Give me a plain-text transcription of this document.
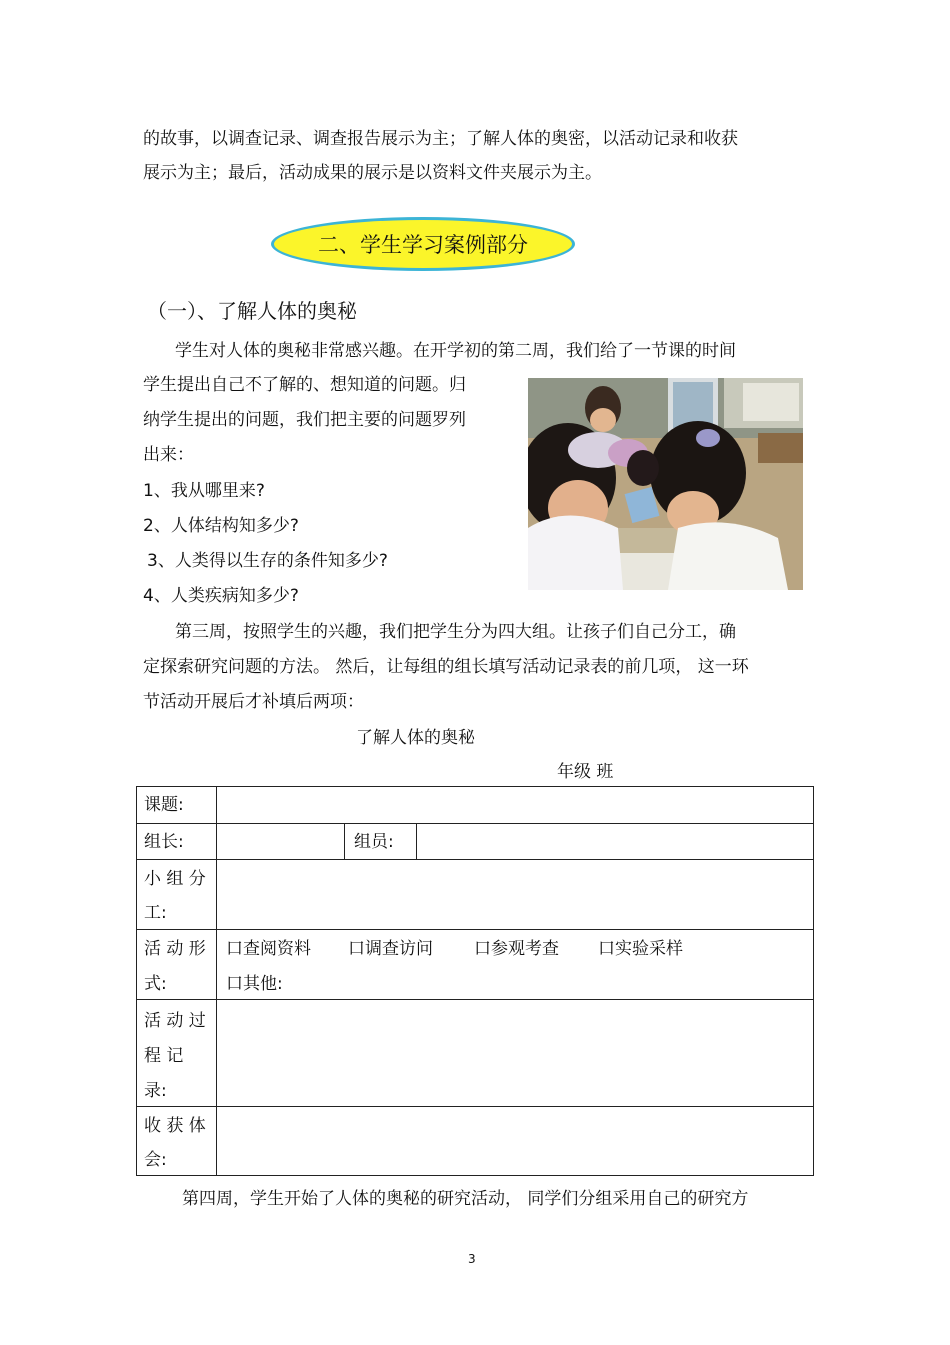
的故事，以调查记录、调查报告展示为主；了解人体的奥密，以活动记录和收获
展示为主；最后，活动成果的展示是以资料文件夹展示为主。
二、学生学习案例部分
（一）、了解人体的奥秘
学生对人体的奥秘非常感兴趣。在开学初的第二周，我们给了一节课的时间
学生提出自己不了解的、想知道的问题。归
纳学生提出的问题，我们把主要的问题罗列
出来：
1、我从哪里来?
2、人体结构知多少?
3、人类得以生存的条件知多少?
4、人类疾病知多少?
第三周，按照学生的兴趣，我们把学生分为四大组。让孩子们自己分工，确
定探索研究问题的方法。 然后，让每组的组长填写活动记录表的前几项， 这一环
节活动开展后才补填后两项：
了解人体的奥秘
年级 班
课题:
组长:	组员:
小 组 分
工:
活 动 形
式:
口查阅资料 口调查访问 口参观考查 口实验采样
口其他:
活 动 过
程 记
录:
收 获 体
会:
第四周，学生开始了人体的奥秘的研究活动， 同学们分组采用自己的研究方
3
